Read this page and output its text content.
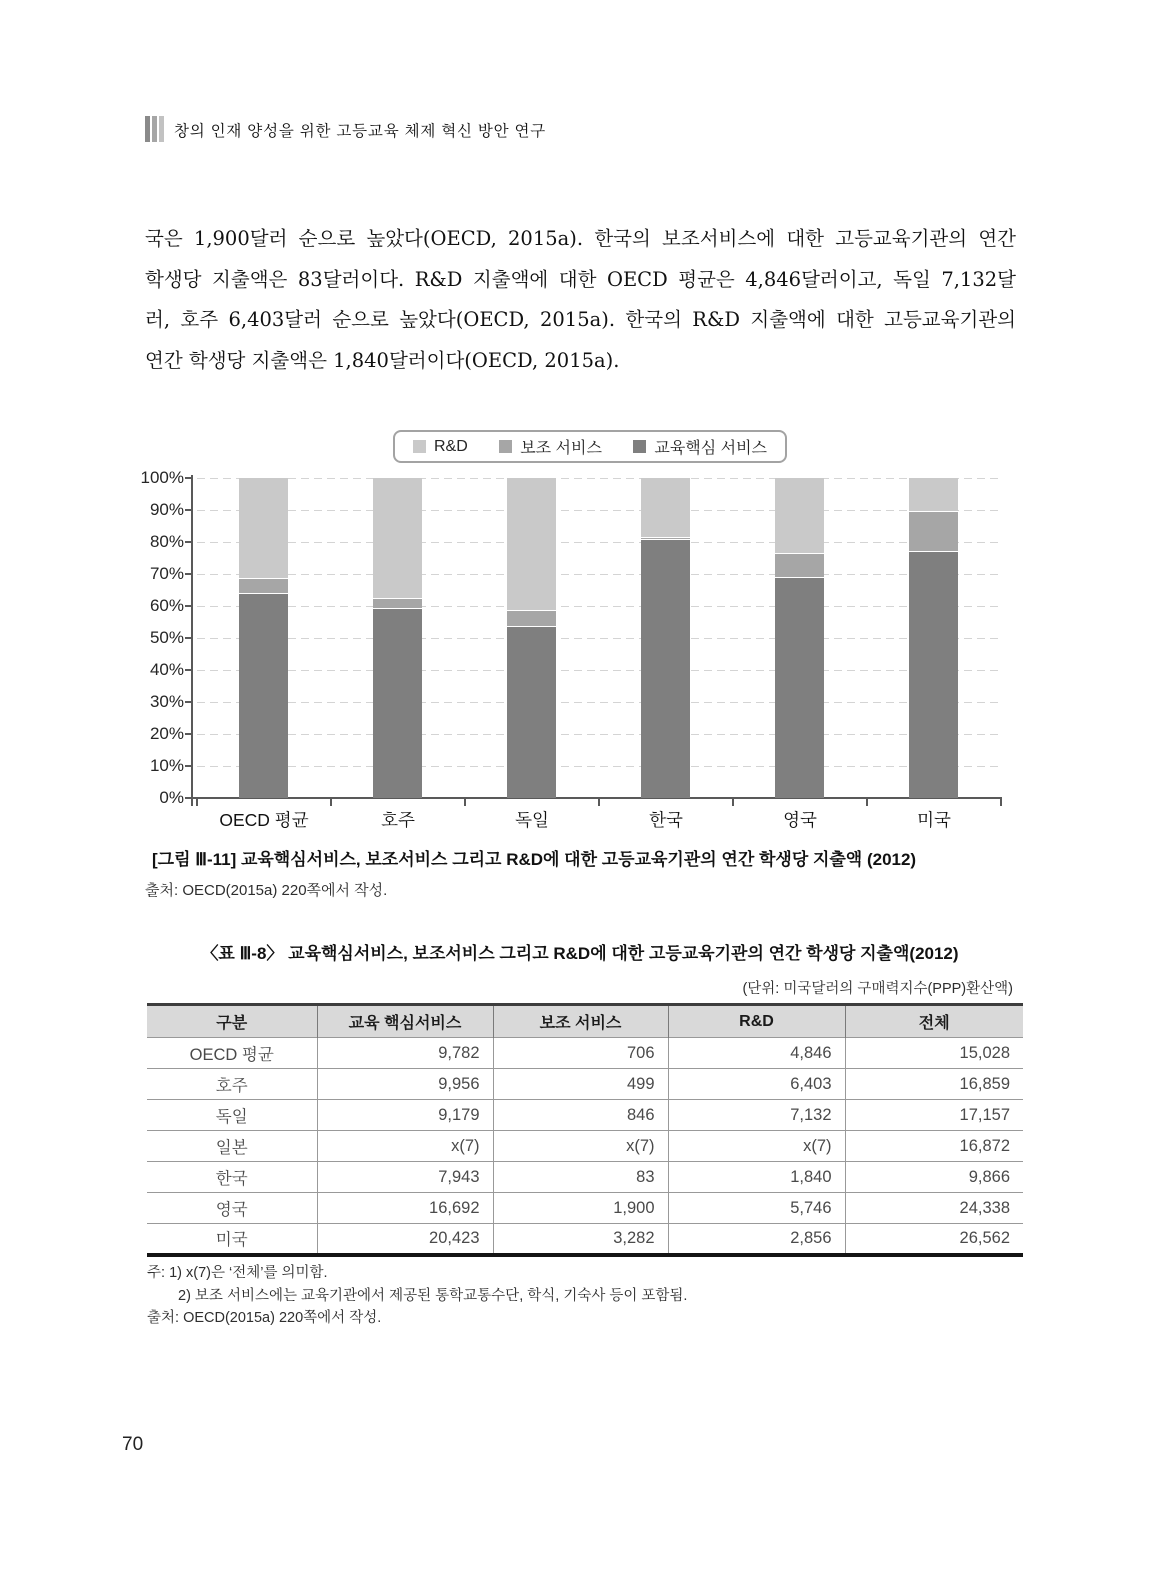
창의 인재 양성을 위한 고등교육 체제 혁신 방안 연구
국은 1,900달러 순으로 높았다(OECD, 2015a). 한국의 보조서비스에 대한 고등교육기관의 연간
학생당 지출액은 83달러이다. R&D 지출액에 대한 OECD 평균은 4,846달러이고, 독일 7,132달
러, 호주 6,403달러 순으로 높았다(OECD, 2015a). 한국의 R&D 지출액에 대한 고등교육기관의
연간 학생당 지출액은 1,840달러이다(OECD, 2015a).
R&D	보조 서비스	교육핵심 서비스
100%
90%
80%
70%
60%
50%
40%
30%
20%
10%
0%
OECD 평균	호주	독일	한국	영국	미국
[그림 Ⅲ-11] 교육핵심서비스, 보조서비스 그리고 R&D에 대한 고등교육기관의 연간 학생당 지출액 (2012)
출처: OECD(2015a) 220쪽에서 작성.
〈표 Ⅲ-8〉 교육핵심서비스, 보조서비스 그리고 R&D에 대한 고등교육기관의 연간 학생당 지출액(2012)
(단위: 미국달러의 구매력지수(PPP)환산액)
구분	교육 핵심서비스	보조 서비스	R&D	전체
OECD 평균	9,782	706	4,846	15,028
호주	9,956	499	6,403	16,859
독일	9,179	846	7,132	17,157
일본	x(7)	x(7)	x(7)	16,872
한국	7,943	83	1,840	9,866
영국	16,692	1,900	5,746	24,338
미국	20,423	3,282	2,856	26,562
주: 1) x(7)은 ‘전체’를 의미함.
2) 보조 서비스에는 교육기관에서 제공된 통학교통수단, 학식, 기숙사 등이 포함됨.
출처: OECD(2015a) 220쪽에서 작성.
70
